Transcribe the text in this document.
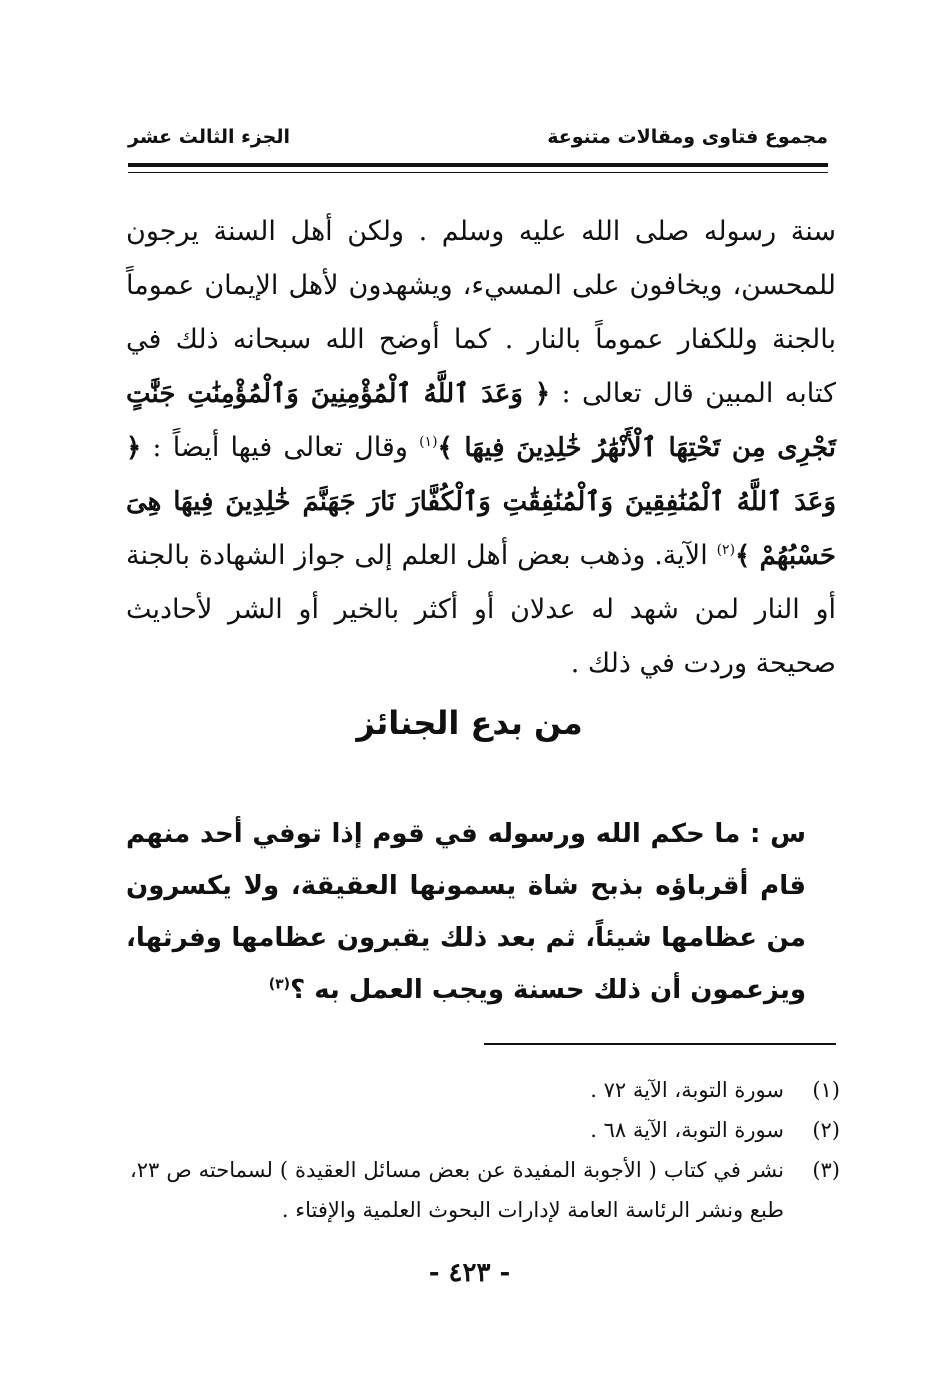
مجموع فتاوى ومقالات متنوعة
الجزء الثالث عشر
سنة رسوله صلى الله عليه وسلم . ولكن أهل السنة يرجون للمحسن، ويخافون على المسيء، ويشهدون لأهل الإيمان عموماً بالجنة وللكفار عموماً بالنار . كما أوضح الله سبحانه ذلك في كتابه المبين قال تعالى : ﴿ وَعَدَ ٱللَّهُ ٱلْمُؤْمِنِينَ وَٱلْمُؤْمِنَٰتِ جَنَّٰتٍ تَجْرِى مِن تَحْتِهَا ٱلْأَنْهَٰرُ خَٰلِدِينَ فِيهَا ﴾$^{(١)}$ وقال تعالى فيها أيضاً : ﴿ وَعَدَ ٱللَّهُ ٱلْمُنَٰفِقِينَ وَٱلْمُنَٰفِقَٰتِ وَٱلْكُفَّارَ نَارَ جَهَنَّمَ خَٰلِدِينَ فِيهَا هِىَ حَسْبُهُمْ ﴾$^{(٢)}$ الآية. وذهب بعض أهل العلم إلى جواز الشهادة بالجنة أو النار لمن شهد له عدلان أو أكثر بالخير أو الشر لأحاديث صحيحة وردت في ذلك .
من بدع الجنائز
س : ما حكم الله ورسوله في قوم إذا توفي أحد منهم قام أقرباؤه بذبح شاة يسمونها العقيقة، ولا يكسرون من عظامها شيئاً، ثم بعد ذلك يقبرون عظامها وفرثها، ويزعمون أن ذلك حسنة ويجب العمل به ؟$^{(٣)}$
(١)
سورة التوبة، الآية ٧٢ .
(٢)
سورة التوبة، الآية ٦٨ .
(٣)
نشر في كتاب ( الأجوبة المفيدة عن بعض مسائل العقيدة ) لسماحته ص ٢٣، طبع ونشر الرئاسة العامة لإدارات البحوث العلمية والإفتاء .
- ٤٢٣ -
